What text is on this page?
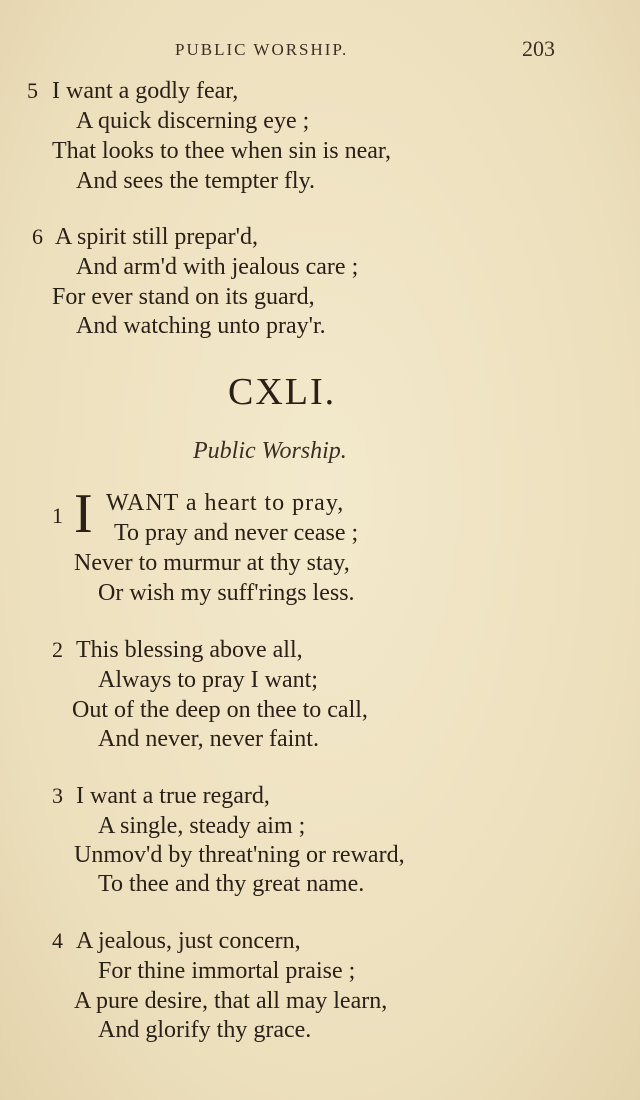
PUBLIC WORSHIP.	203
5 I want a godly fear,
A quick discerning eye ;
That looks to thee when sin is near,
And sees the tempter fly.
6 A spirit still prepar'd,
And arm'd with jealous care ;
For ever stand on its guard,
And watching unto pray'r.
CXLI.
Public Worship.
1 I WANT a heart to pray,
To pray and never cease ;
Never to murmur at thy stay,
Or wish my suff'rings less.
2 This blessing above all,
Always to pray I want;
Out of the deep on thee to call,
And never, never faint.
3 I want a true regard,
A single, steady aim ;
Unmov'd by threat'ning or reward,
To thee and thy great name.
4 A jealous, just concern,
For thine immortal praise ;
A pure desire, that all may learn,
And glorify thy grace.
